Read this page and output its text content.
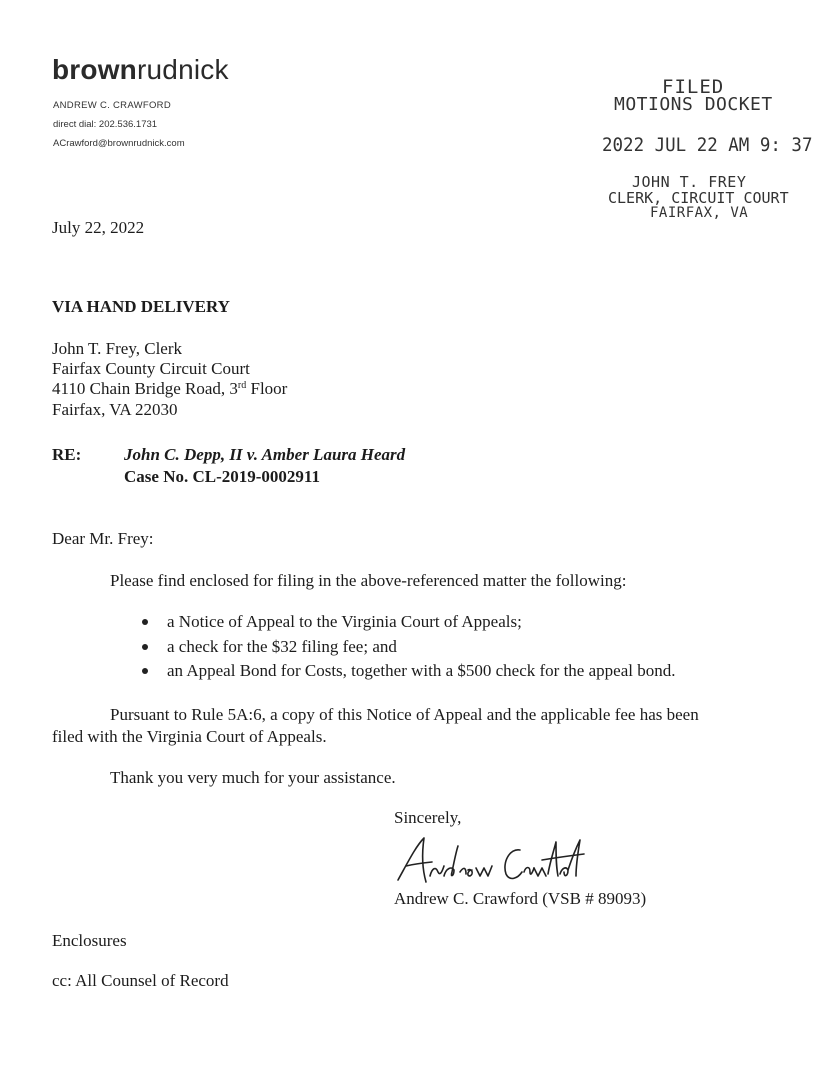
brownrudnick
ANDREW C. CRAWFORD
direct dial: 202.536.1731
ACrawford@brownrudnick.com
FILED
MOTIONS DOCKET
2022 JUL 22 AM 9: 37
JOHN T. FREY
CLERK, CIRCUIT COURT
FAIRFAX, VA
July 22, 2022
VIA HAND DELIVERY
John T. Frey, Clerk
Fairfax County Circuit Court
4110 Chain Bridge Road, 3rd Floor
Fairfax, VA 22030
RE:	John C. Depp, II v. Amber Laura Heard
Case No. CL-2019-0002911
Dear Mr. Frey:
Please find enclosed for filing in the above-referenced matter the following:
a Notice of Appeal to the Virginia Court of Appeals;
a check for the $32 filing fee; and
an Appeal Bond for Costs, together with a $500 check for the appeal bond.
Pursuant to Rule 5A:6, a copy of this Notice of Appeal and the applicable fee has been
filed with the Virginia Court of Appeals.
Thank you very much for your assistance.
Sincerely,
Andrew C. Crawford (VSB # 89093)
Enclosures
cc: All Counsel of Record
